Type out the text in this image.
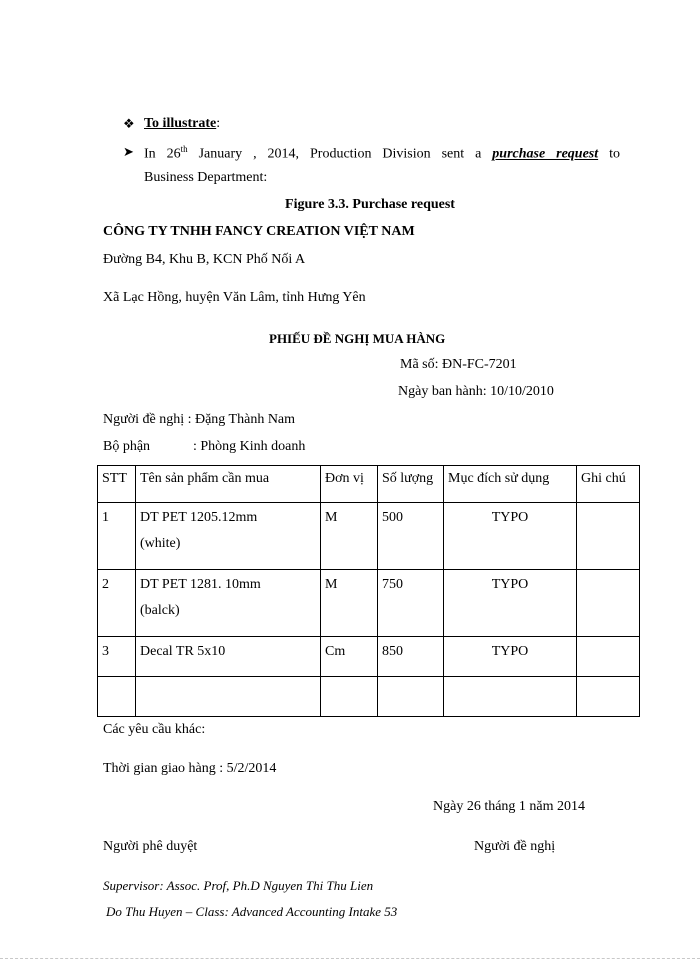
❖ To illustrate:
➤ In 26th January , 2014, Production Division sent a purchase request to
Business Department:
Figure 3.3. Purchase request
CÔNG TY TNHH FANCY CREATION VIỆT NAM
Đường B4, Khu B, KCN Phố Nối A
Xã Lạc Hồng, huyện Văn Lâm, tỉnh Hưng Yên
PHIẾU ĐỀ NGHỊ MUA HÀNG
Mã số: ĐN-FC-7201
Ngày ban hành: 10/10/2010
Người đề nghị : Đặng Thành Nam
Bộ phận	: Phòng Kinh doanh
STT	Tên sản phẩm cần mua	Đơn vị	Số lượng	Mục đích sử dụng	Ghi chú
1	DT PET 1205.12mm
(white)	M	500	TYPO	
2	DT PET 1281. 10mm
(balck)	M	750	TYPO	
3	Decal TR 5x10	Cm	850	TYPO	

Các yêu cầu khác:
Thời gian giao hàng : 5/2/2014
Ngày 26 tháng 1 năm 2014
Người phê duyệt	Người đề nghị
Supervisor: Assoc. Prof, Ph.D Nguyen Thi Thu Lien
Do Thu Huyen – Class: Advanced Accounting Intake 53
